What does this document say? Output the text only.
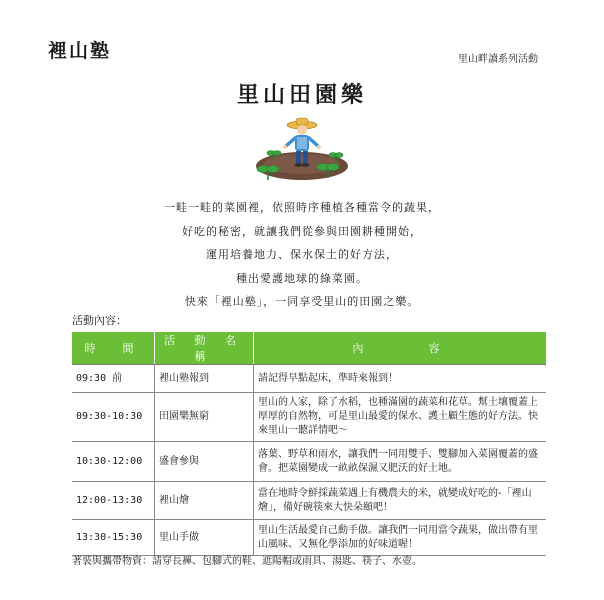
裡山塾	里山畔讀系列活動
里山田園樂
一畦一畦的菜園裡，依照時序種植各種當令的蔬果，
好吃的秘密，就讓我們從參與田園耕種開始，
運用培養地力、保水保土的好方法，
種出愛護地球的綠菜園。
快來「裡山塾」，一同享受里山的田園之樂。
活動內容：
時　間	活 動 名 稱	內　　　容
09:30 前	裡山塾報到	請記得早點起床，準時來報到！
09:30-10:30	田園樂無窮	里山的人家，除了水稻，也種滿園的蔬菜和花草。幫土壤覆蓋上厚厚的自然物，可是里山最愛的保水、護土顧生態的好方法。快來里山一聽詳情吧～
10:30-12:00	盛會參與	落葉、野草和雨水，讓我們一同用雙手、雙腳加入菜園覆蓋的盛會。把菜園變成一畝畝保濕又肥沃的好土地。
12:00-13:30	裡山燴	當在地時令鮮採蔬菜遇上有機農夫的米，就變成好吃的-「裡山燴」，備好碗筷來大快朵頤吧！
13:30-15:30	里山手做	里山生活最愛自己動手做。讓我們一同用當令蔬果，做出帶有里山風味、又無化學添加的好味道喔！
著裝與攜帶物資：請穿長褲、包腳式的鞋、遮陽帽或雨具、湯匙、筷子、水壺。
